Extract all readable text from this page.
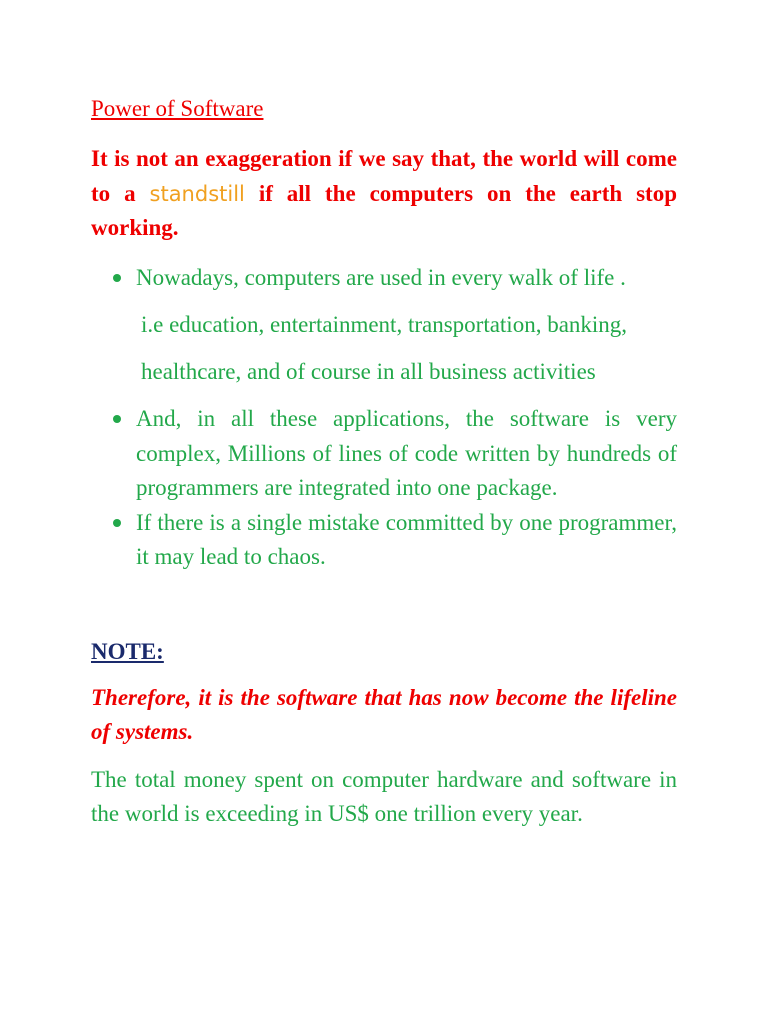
Power of Software

It is not an exaggeration if we say that, the world will come to a standstill if all the computers on the earth stop working.

Nowadays, computers are used in every walk of life .
i.e education, entertainment, transportation, banking,
healthcare, and of course in all business activities
And, in all these applications, the software is very complex, Millions of lines of code written by hundreds of programmers are integrated into one package.
If there is a single mistake committed by one programmer, it may lead to chaos.

NOTE:

Therefore, it is the software that has now become the lifeline of systems.

The total money spent on computer hardware and software in the world is exceeding in US$ one trillion every year.
